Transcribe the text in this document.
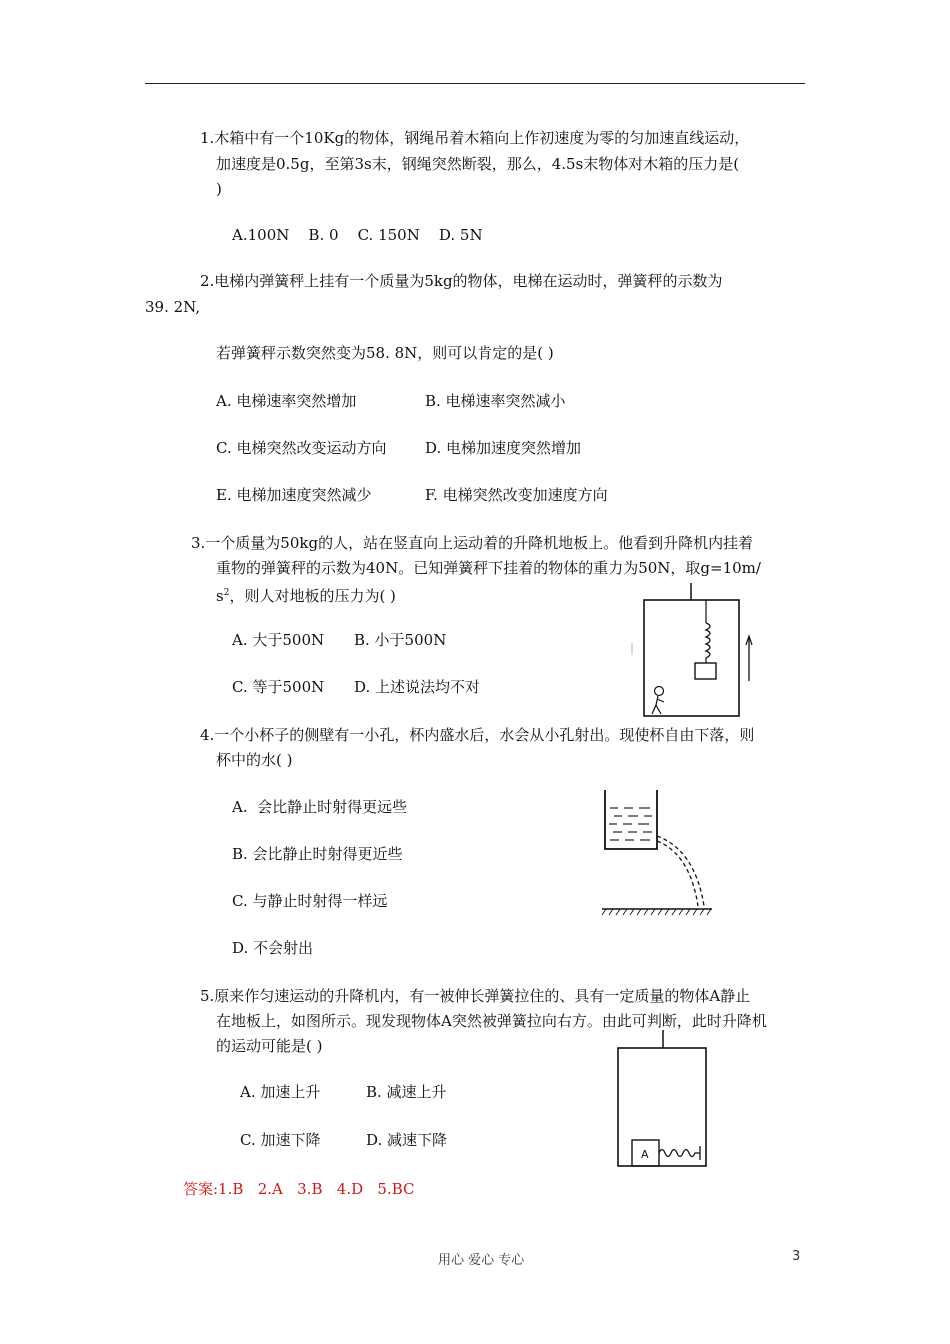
1.木箱中有一个10Kg的物体，钢绳吊着木箱向上作初速度为零的匀加速直线运动，
加速度是0.5g，至第3s末，钢绳突然断裂，那么，4.5s末物体对木箱的压力是(
)
A.100N    B. 0    C. 150N    D. 5N
2.电梯内弹簧秤上挂有一个质量为5kg的物体，电梯在运动时，弹簧秤的示数为
39. 2N,
若弹簧秤示数突然变为58. 8N，则可以肯定的是( )
A. 电梯速率突然增加	B. 电梯速率突然减小
C. 电梯突然改变运动方向	D. 电梯加速度突然增加
E. 电梯加速度突然减少	F. 电梯突然改变加速度方向
3.一个质量为50kg的人，站在竖直向上运动着的升降机地板上。他看到升降机内挂着
重物的弹簧秤的示数为40N。已知弹簧秤下挂着的物体的重力为50N，取g=10m/
$s^2$，则人对地板的压力为( )
A. 大于500N B. 小于500N
C. 等于500N D. 上述说法均不对
4.一个小杯子的侧壁有一小孔，杯内盛水后，水会从小孔射出。现使杯自由下落，则
杯中的水( )
A.  会比静止时射得更远些
B. 会比静止时射得更近些
C. 与静止时射得一样远
D. 不会射出
5.原来作匀速运动的升降机内，有一被伸长弹簧拉住的、具有一定质量的物体A静止
在地板上，如图所示。现发现物体A突然被弹簧拉向右方。由此可判断，此时升降机
的运动可能是( )
A. 加速上升	B. 减速上升
C. 加速下降	D. 减速下降
A
答案:1.B   2.A   3.B   4.D   5.BC
用心 爱心 专心	3
